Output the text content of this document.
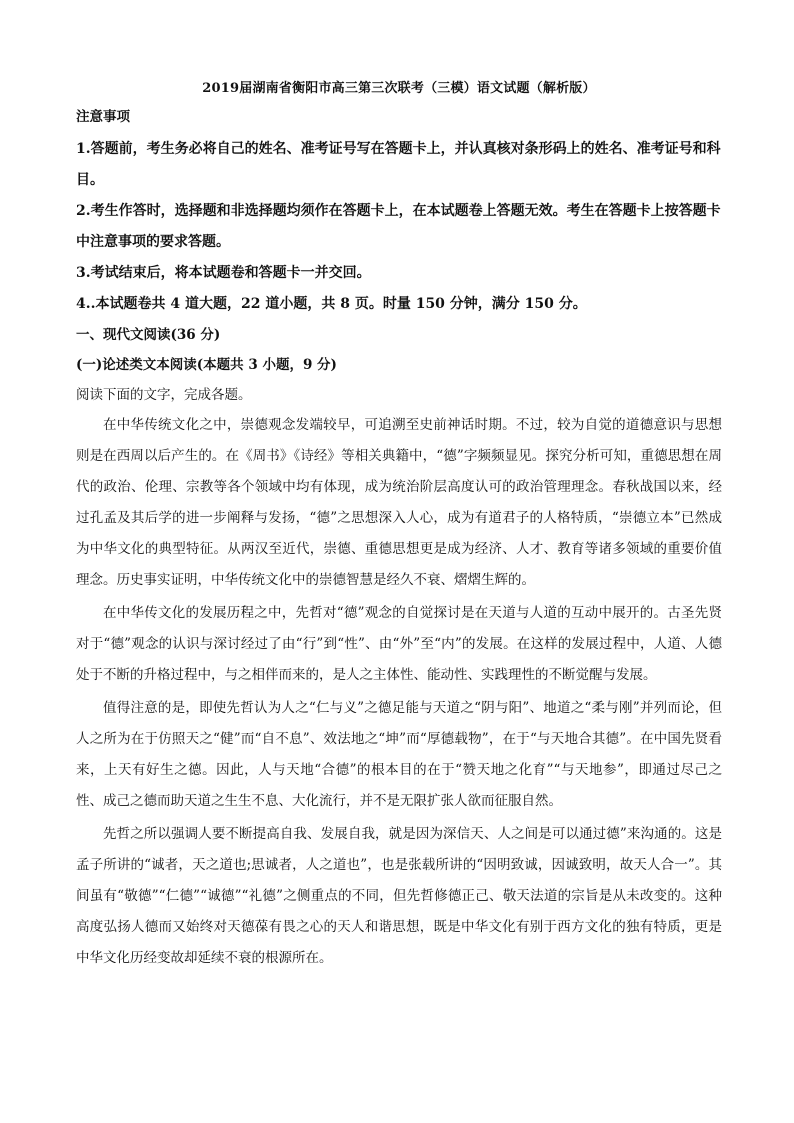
2019届湖南省衡阳市高三第三次联考（三模）语文试题（解析版）

注意事项

1.答题前，考生务必将自己的姓名、准考证号写在答题卡上，并认真核对条形码上的姓名、准考证号和科目。

2.考生作答时，选择题和非选择题均须作在答题卡上，在本试题卷上答题无效。考生在答题卡上按答题卡中注意事项的要求答题。

3.考试结束后，将本试题卷和答题卡一并交回。

4..本试题卷共 4 道大题，22 道小题，共 8 页。时量 150 分钟，满分 150 分。

一、现代文阅读(36 分)

(一)论述类文本阅读(本题共 3 小题，9 分)

阅读下面的文字，完成各题。

在中华传统文化之中，崇德观念发端较早，可追溯至史前神话时期。不过，较为自觉的道德意识与思想则是在西周以后产生的。在《周书》《诗经》等相关典籍中，“德”字频频显见。探究分析可知，重德思想在周代的政治、伦理、宗教等各个领域中均有体现，成为统治阶层高度认可的政治管理理念。春秋战国以来，经过孔孟及其后学的进一步阐释与发扬，“德”之思想深入人心，成为有道君子的人格特质，“崇德立本”已然成为中华文化的典型特征。从两汉至近代，崇德、重德思想更是成为经济、人才、教育等诸多领域的重要价值理念。历史事实证明，中华传统文化中的崇德智慧是经久不衰、熠熠生辉的。

在中华传文化的发展历程之中，先哲对“德”观念的自觉探讨是在天道与人道的互动中展开的。古圣先贤对于“德”观念的认识与深讨经过了由“行”到“性”、由“外”至“内”的发展。在这样的发展过程中，人道、人德处于不断的升格过程中，与之相伴而来的，是人之主体性、能动性、实践理性的不断觉醒与发展。

值得注意的是，即使先哲认为人之“仁与义”之德足能与天道之“阴与阳”、地道之“柔与刚”并列而论，但人之所为在于仿照天之“健”而“自不息”、效法地之“坤”而“厚德载物”，在于“与天地合其德”。在中国先贤看来，上天有好生之德。因此，人与天地“合德”的根本目的在于“赞天地之化育”“与天地参”，即通过尽己之性、成己之德而助天道之生生不息、大化流行，并不是无限扩张人欲而征服自然。

先哲之所以强调人要不断提高自我、发展自我，就是因为深信天、人之间是可以通过德”来沟通的。这是孟子所讲的“诚者，天之道也;思诚者，人之道也”，也是张载所讲的“因明致诚，因诚致明，故天人合一”。其间虽有“敬德”“仁德”“诚德”“礼德”之侧重点的不同，但先哲修德正己、敬天法道的宗旨是从未改变的。这种高度弘扬人德而又始终对天德葆有畏之心的天人和谐思想，既是中华文化有别于西方文化的独有特质，更是中华文化历经变故却延续不衰的根源所在。
